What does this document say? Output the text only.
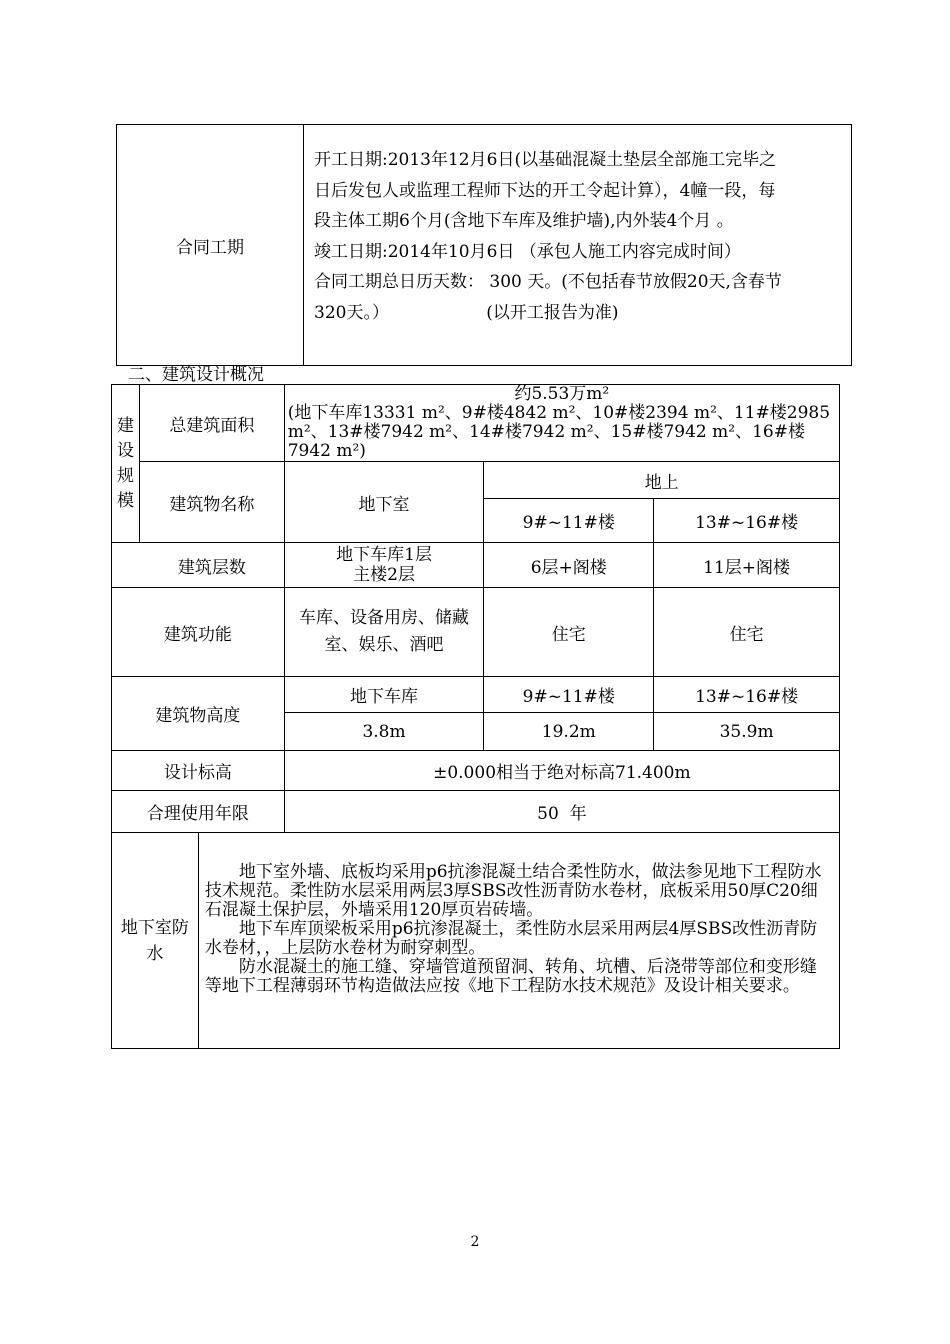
合同工期	
开工日期:2013年12月6日(以基础混凝土垫层全部施工完毕之
日后发包人或监理工程师下达的开工令起计算），4幢一段，每
段主体工期6个月(含地下车库及维护墙),内外装4个月 。
竣工日期:2014年10月6日 （承包人施工内容完成时间）
合同工期总日历天数： 300 天。(不包括春节放假20天,含春节
320天。）                  (以开工报告为准)
二、建筑设计概况
建设规模	总建筑面积		约5.53万m²
(地下车库13331 m²、9#楼4842 m²、10#楼2394 m²、11#楼2985 m²、13#楼7942 m²、14#楼7942 m²、15#楼7942 m²、16#楼7942 m²)		

	建筑物名称		地下室	地上	
				9#~11#楼	13#~16#楼
建筑层数			地下车库1层
主楼2层	6层+阁楼	11层+阁楼
建筑功能			车库、设备用房、储藏室、娱乐、酒吧	住宅	住宅
建筑物高度			地下车库	9#~11#楼	13#~16#楼
			3.8m	19.2m	35.9m
设计标高			±0.000相当于绝对标高71.400m		
合理使用年限			50  年		
地下室防水		地下室外墙、底板均采用p6抗渗混凝土结合柔性防水，做法参见地下工程防水技术规范。柔性防水层采用两层3厚SBS改性沥青防水卷材，底板采用50厚C20细石混凝土保护层，外墙采用120厚页岩砖墙。

地下车库顶梁板采用p6抗渗混凝土，柔性防水层采用两层4厚SBS改性沥青防水卷材，，上层防水卷材为耐穿刺型。

防水混凝土的施工缝、穿墙管道预留洞、转角、坑槽、后浇带等部位和变形缝等地下工程薄弱环节构造做法应按《地下工程防水技术规范》及设计相关要求。			

2
